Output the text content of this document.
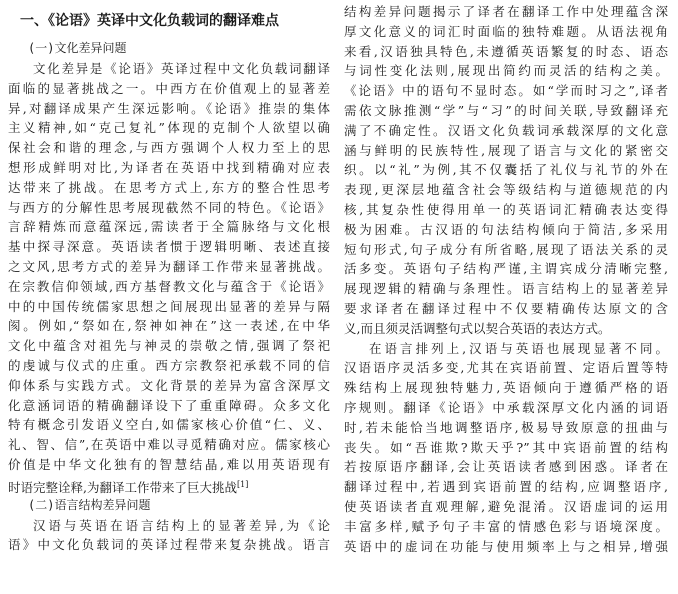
一、《论语》英译中文化负载词的翻译难点
(一)文化差异问题
文化差异是《论语》英译过程中文化负载词翻译
面临的显著挑战之一。中西方在价值观上的显著差
异,对翻译成果产生深远影响。《论语》推崇的集体
主义精神,如“克己复礼”体现的克制个人欲望以确
保社会和谐的理念,与西方强调个人权力至上的思
想形成鲜明对比,为译者在英语中找到精确对应表
达带来了挑战。在思考方式上,东方的整合性思考
与西方的分解性思考展现截然不同的特色。《论语》
言辞精炼而意蕴深远,需读者于全篇脉络与文化根
基中探寻深意。英语读者惯于逻辑明晰、表述直接
之文风,思考方式的差异为翻译工作带来显著挑战。
在宗教信仰领域,西方基督教文化与蕴含于《论语》
中的中国传统儒家思想之间展现出显著的差异与隔
阂。例如,“祭如在,祭神如神在”这一表述,在中华
文化中蕴含对祖先与神灵的崇敬之情,强调了祭祀
的虔诚与仪式的庄重。西方宗教祭祀承载不同的信
仰体系与实践方式。文化背景的差异为富含深厚文
化意涵词语的精确翻译设下了重重障碍。众多文化
特有概念引发语义空白,如儒家核心价值“仁、义、
礼、智、信”,在英语中难以寻觅精确对应。儒家核心
价值是中华文化独有的智慧结晶,难以用英语现有
时语完整诠释,为翻译工作带来了巨大挑战[1]
(二)语言结构差异问题
汉语与英语在语言结构上的显著差异,为《论
语》中文化负载词的英译过程带来复杂挑战。语言
结构差异问题揭示了译者在翻译工作中处理蕴含深
厚文化意义的词汇时面临的独特难题。从语法视角
来看,汉语独具特色,未遵循英语繁复的时态、语态
与词性变化法则,展现出简约而灵活的结构之美。
《论语》中的语句不显时态。如“学而时习之”,译者
需依文脉推测“学”与“习”的时间关联,导致翻译充
满了不确定性。汉语文化负载词承载深厚的文化意
涵与鲜明的民族特性,展现了语言与文化的紧密交
织。以“礼”为例,其不仅囊括了礼仪与礼节的外在
表现,更深层地蕴含社会等级结构与道德规范的内
核,其复杂性使得用单一的英语词汇精确表达变得
极为困难。古汉语的句法结构倾向于简洁,多采用
短句形式,句子成分有所省略,展现了语法关系的灵
活多变。英语句子结构严谨,主谓宾成分清晰完整,
展现逻辑的精确与条理性。语言结构上的显著差异
要求译者在翻译过程中不仅要精确传达原文的含
义,而且须灵活调整句式以契合英语的表达方式。
在语言排列上,汉语与英语也展现显著不同。
汉语语序灵活多变,尤其在宾语前置、定语后置等特
殊结构上展现独特魅力,英语倾向于遵循严格的语
序规则。翻译《论语》中承载深厚文化内涵的词语
时,若未能恰当地调整语序,极易导致原意的扭曲与
丧失。如“吾谁欺?欺天乎?”其中宾语前置的结构
若按原语序翻译,会让英语读者感到困惑。译者在
翻译过程中,若遇到宾语前置的结构,应调整语序,
使英语读者直观理解,避免混淆。汉语虚词的运用
丰富多样,赋予句子丰富的情感色彩与语境深度。
英语中的虚词在功能与使用频率上与之相异,增强
